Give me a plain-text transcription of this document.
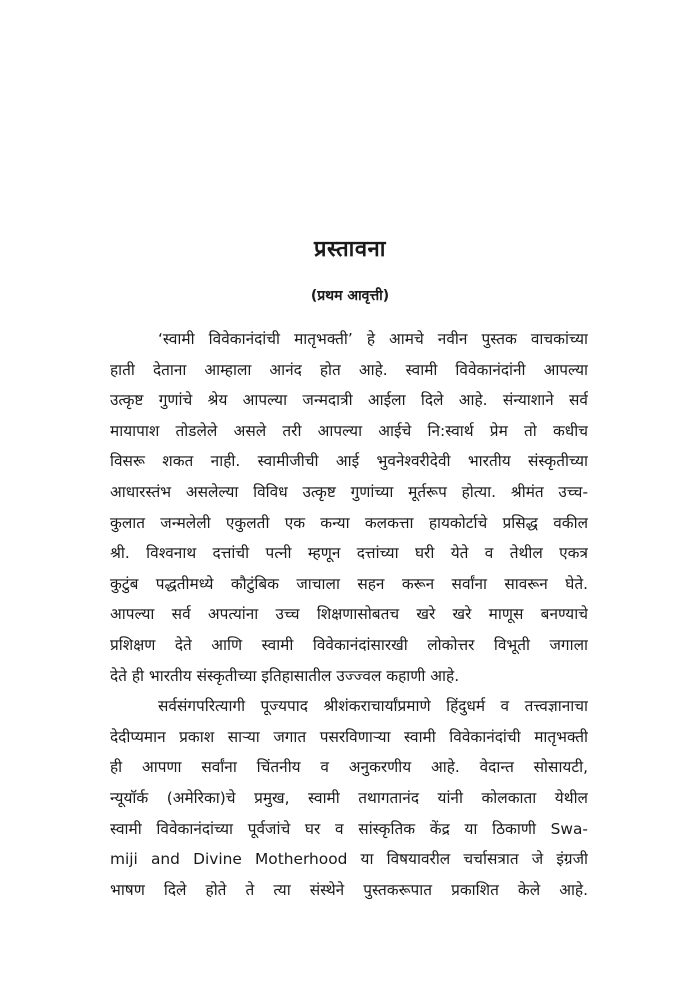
प्रस्तावना
(प्रथम आवृत्ती)
‘स्वामी विवेकानंदांची मातृभक्ती’ हे आमचे नवीन पुस्तक वाचकांच्या
हाती देताना आम्हाला आनंद होत आहे. स्वामी विवेकानंदांनी आपल्या
उत्कृष्ट गुणांचे श्रेय आपल्या जन्मदात्री आईला दिले आहे. संन्याशाने सर्व
मायापाश तोडलेले असले तरी आपल्या आईचे नि:स्वार्थ प्रेम तो कधीच
विसरू शकत नाही. स्वामीजीची आई भुवनेश्वरीदेवी भारतीय संस्कृतीच्या
आधारस्तंभ असलेल्या विविध उत्कृष्ट गुणांच्या मूर्तरूप होत्या. श्रीमंत उच्च-
कुलात जन्मलेली एकुलती एक कन्या कलकत्ता हायकोर्टाचे प्रसिद्ध वकील
श्री. विश्वनाथ दत्तांची पत्नी म्हणून दत्तांच्या घरी येते व तेथील एकत्र
कुटुंब पद्धतीमध्ये कौटुंबिक जाचाला सहन करून सर्वांना सावरून घेते.
आपल्या सर्व अपत्यांना उच्च शिक्षणासोबतच खरे खरे माणूस बनण्याचे
प्रशिक्षण देते आणि स्वामी विवेकानंदांसारखी लोकोत्तर विभूती जगाला
देते ही भारतीय संस्कृतीच्या इतिहासातील उज्ज्वल कहाणी आहे.
सर्वसंगपरित्यागी पूज्यपाद श्रीशंकराचार्यांप्रमाणे हिंदुधर्म व तत्त्वज्ञानाचा
देदीप्यमान प्रकाश साऱ्या जगात पसरविणाऱ्या स्वामी विवेकानंदांची मातृभक्ती
ही आपणा सर्वांना चिंतनीय व अनुकरणीय आहे. वेदान्त सोसायटी,
न्यूयॉर्क (अमेरिका)चे प्रमुख, स्वामी तथागतानंद यांनी कोलकाता येथील
स्वामी विवेकानंदांच्या पूर्वजांचे घर व सांस्कृतिक केंद्र या ठिकाणी Swa-
miji and Divine Motherhood या विषयावरील चर्चासत्रात जे इंग्रजी
भाषण दिले होते ते त्या संस्थेने पुस्तकरूपात प्रकाशित केले आहे.
